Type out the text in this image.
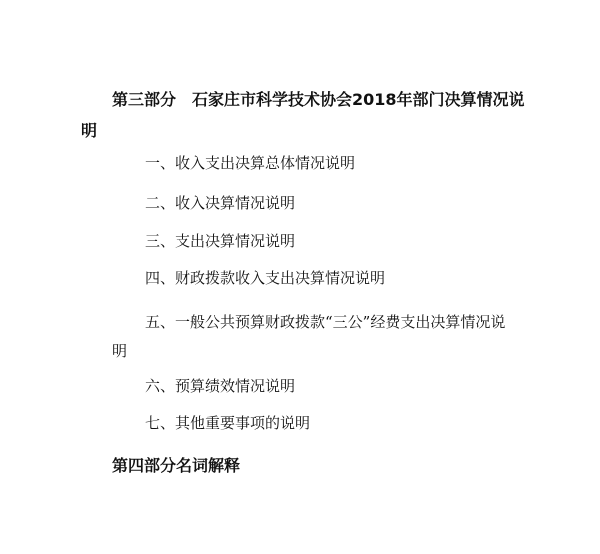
第三部分　石家庄市科学技术协会2018年部门决算情况说
明
一、收入支出决算总体情况说明
二、收入决算情况说明
三、支出决算情况说明
四、财政拨款收入支出决算情况说明
五、一般公共预算财政拨款“三公”经费支出决算情况说
明
六、预算绩效情况说明
七、其他重要事项的说明
第四部分名词解释
